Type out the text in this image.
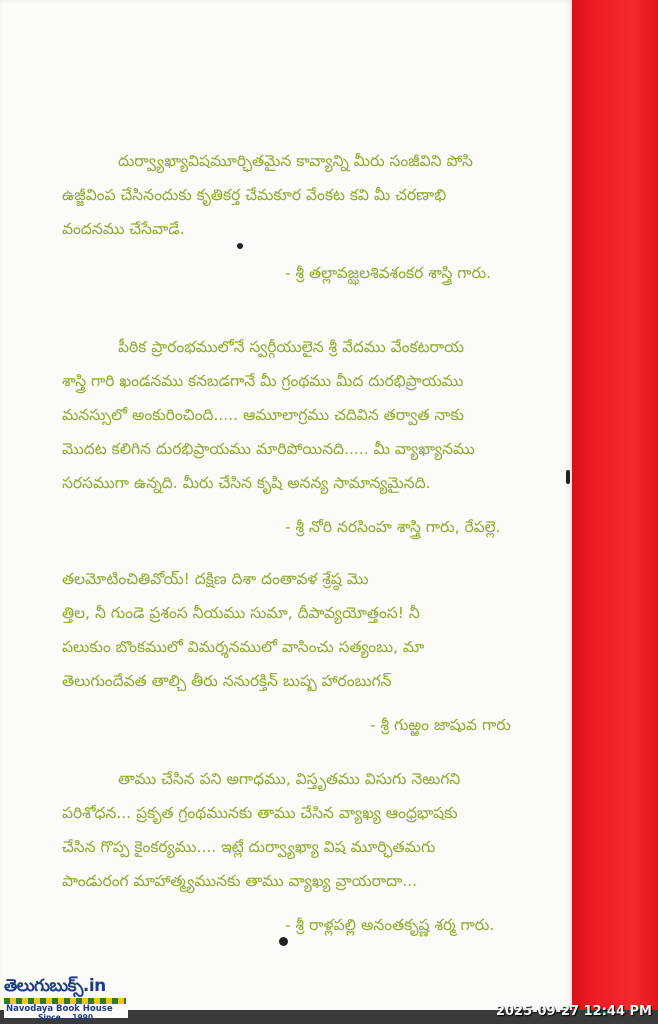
దుర్వ్యాఖ్యావిషమూర్ఛితమైన కావ్యాన్ని మీరు సంజీవిని పోసి
ఉజ్జీవింప చేసినందుకు కృతికర్త చేమకూర వేంకట కవి మీ చరణాభి
వందనము చేసేవాడే.
- శ్రీ తల్లావజ్ఝలశివశంకర శాస్త్రి గారు.
పీఠిక ప్రారంభములోనే స్వర్గీయులైన శ్రీ వేదము వేంకటరాయ
శాస్త్రి గారి ఖండనము కనబడగానే మీ గ్రంథము మీద దురభిప్రాయము
మనస్సులో అంకురించింది..... ఆమూలాగ్రము చదివిన తర్వాత నాకు
మొదట కలిగిన దురభిప్రాయము మారిపోయినది..... మీ వ్యాఖ్యానము
సరసముగా ఉన్నది. మీరు చేసిన కృషి అనన్య సామాన్యమైనది.
- శ్రీ నోరి నరసింహ శాస్త్రి గారు, రేపల్లె.
తలమోటించితివోయ్! దక్షిణ దిశా దంతావళ శ్రేష్ఠ మొ
త్తిల, నీ గుండె ప్రశంస నీయము సుమా, దీపావ్యయోత్తంస! నీ
పలుకుం బొంకములో విమర్శనములో వాసించు సత్యంబు, మా
తెలుగుందేవత తాల్చి తీరు ననురక్తిన్ బుష్ప హారంబుగన్
- శ్రీ గుఱ్ఱం జాషువ గారు
తాము చేసిన పని అగాధము, విస్తృతము విసుగు నెఱుగని
పరిశోధన... ప్రకృత గ్రంథమునకు తాము చేసిన వ్యాఖ్య ఆంధ్రభాషకు
చేసిన గొప్ప కైంకర్యము.... ఇట్లే దుర్వ్యాఖ్యా విష మూర్ఛితమగు
పాండురంగ మాహాత్మ్యమునకు తాము వ్యాఖ్య వ్రాయరాదా...
- శ్రీ రాళ్లపల్లి అనంతకృష్ణ శర్మ గారు.
తెలుగుబుక్స్.in
Navodaya Book House
Since....1990	2025-09-27 12:44 PM
